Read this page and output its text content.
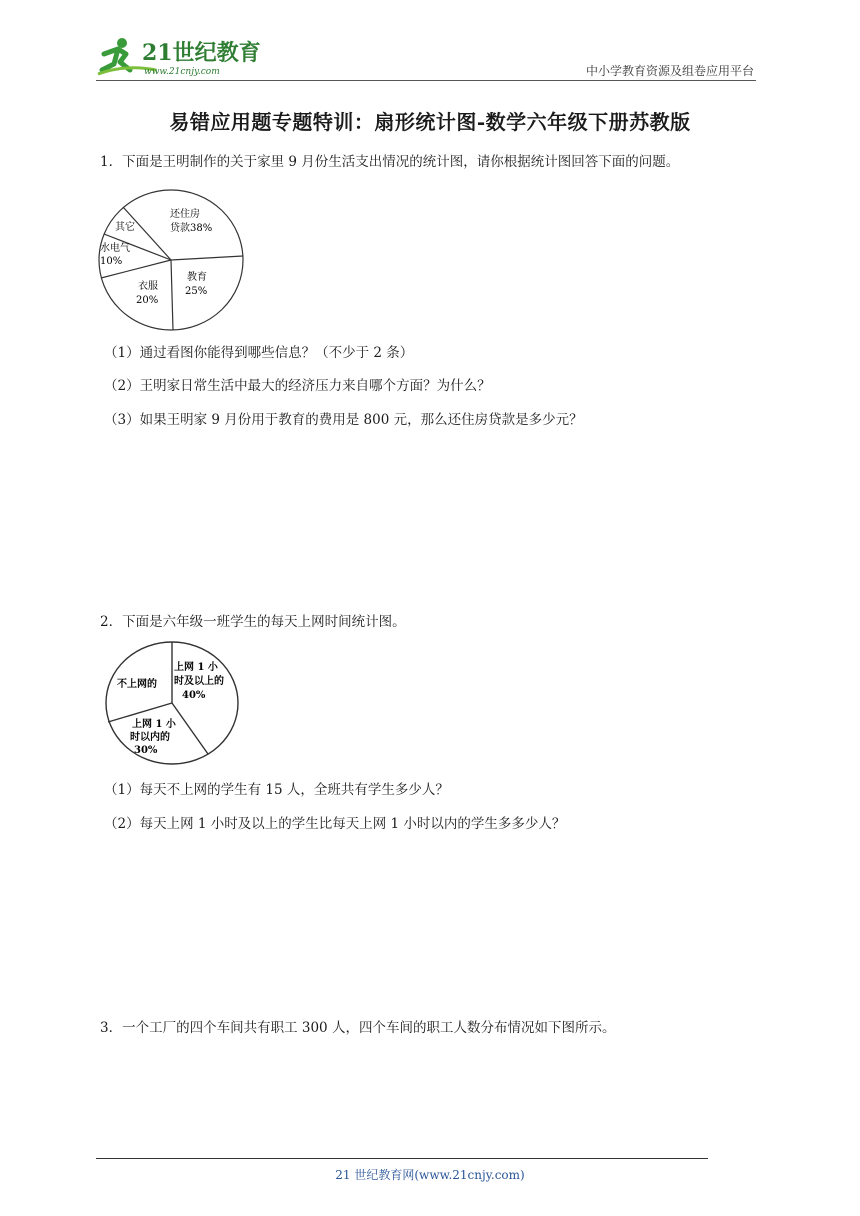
21世纪教育
www.21cnjy.com	中小学教育资源及组卷应用平台
易错应用题专题特训：扇形统计图-数学六年级下册苏教版
1．下面是王明制作的关于家里 9 月份生活支出情况的统计图，请你根据统计图回答下面的问题。
还住房
贷款38%
其它
水电气
10%
教育
25%
衣服
20%
（1）通过看图你能得到哪些信息？（不少于 2 条）
（2）王明家日常生活中最大的经济压力来自哪个方面？为什么？
（3）如果王明家 9 月份用于教育的费用是 800 元，那么还住房贷款是多少元？
2．下面是六年级一班学生的每天上网时间统计图。
不上网的
上网 1 小
时及以上的
40%
上网 1 小
时以内的
30%
（1）每天不上网的学生有 15 人，全班共有学生多少人？
（2）每天上网 1 小时及以上的学生比每天上网 1 小时以内的学生多多少人？
3．一个工厂的四个车间共有职工 300 人，四个车间的职工人数分布情况如下图所示。
21 世纪教育网(www.21cnjy.com)
